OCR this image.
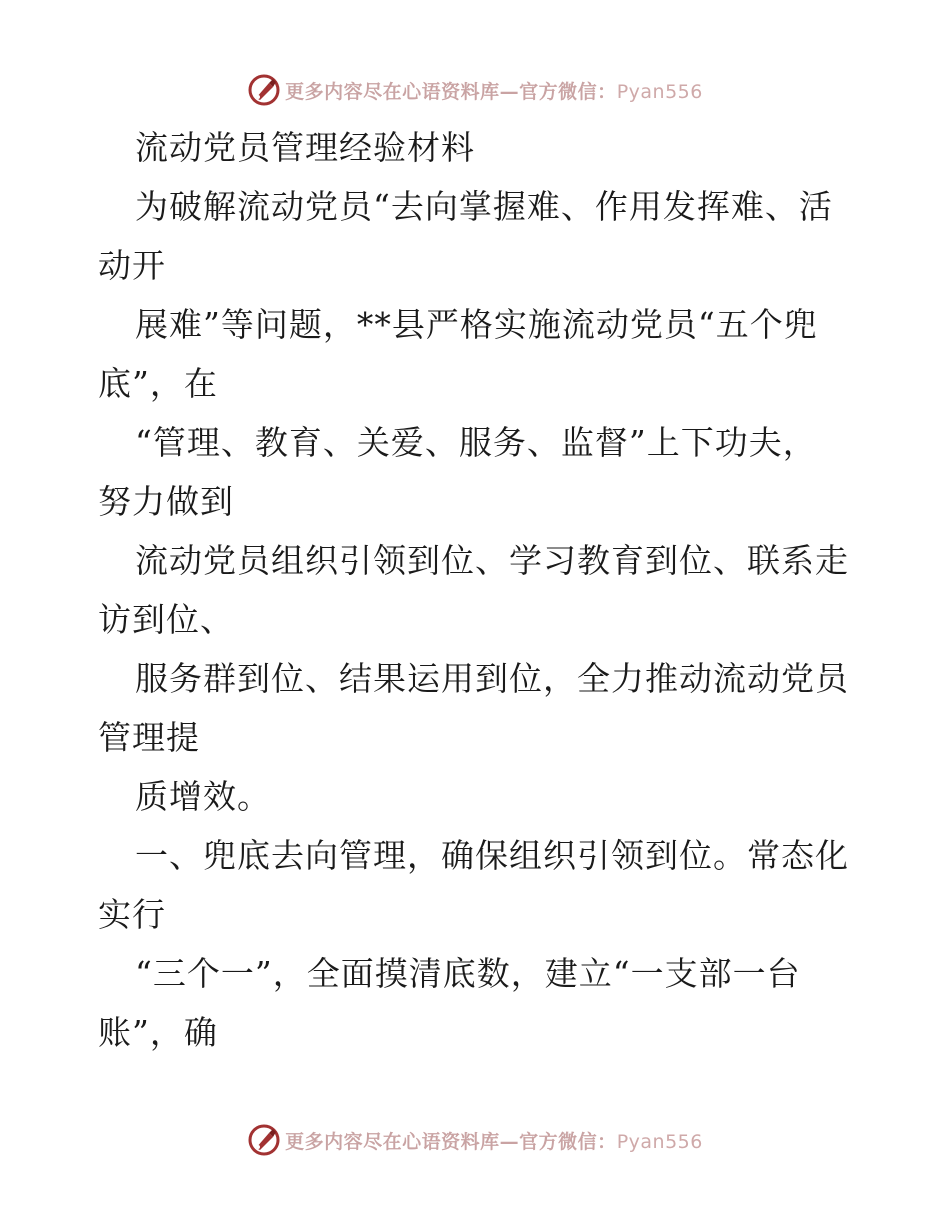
更多内容尽在心语资料库—官方微信：Pyan556
流动党员管理经验材料
为破解流动党员“去向掌握难、作用发挥难、活
动开
展难”等问题，**县严格实施流动党员“五个兜
底”，在
“管理、教育、关爱、服务、监督”上下功夫，
努力做到
流动党员组织引领到位、学习教育到位、联系走
访到位、
服务群到位、结果运用到位，全力推动流动党员
管理提
质增效。
一、兜底去向管理，确保组织引领到位。常态化
实行
“三个一”，全面摸清底数，建立“一支部一台
账”，确
更多内容尽在心语资料库—官方微信：Pyan556
